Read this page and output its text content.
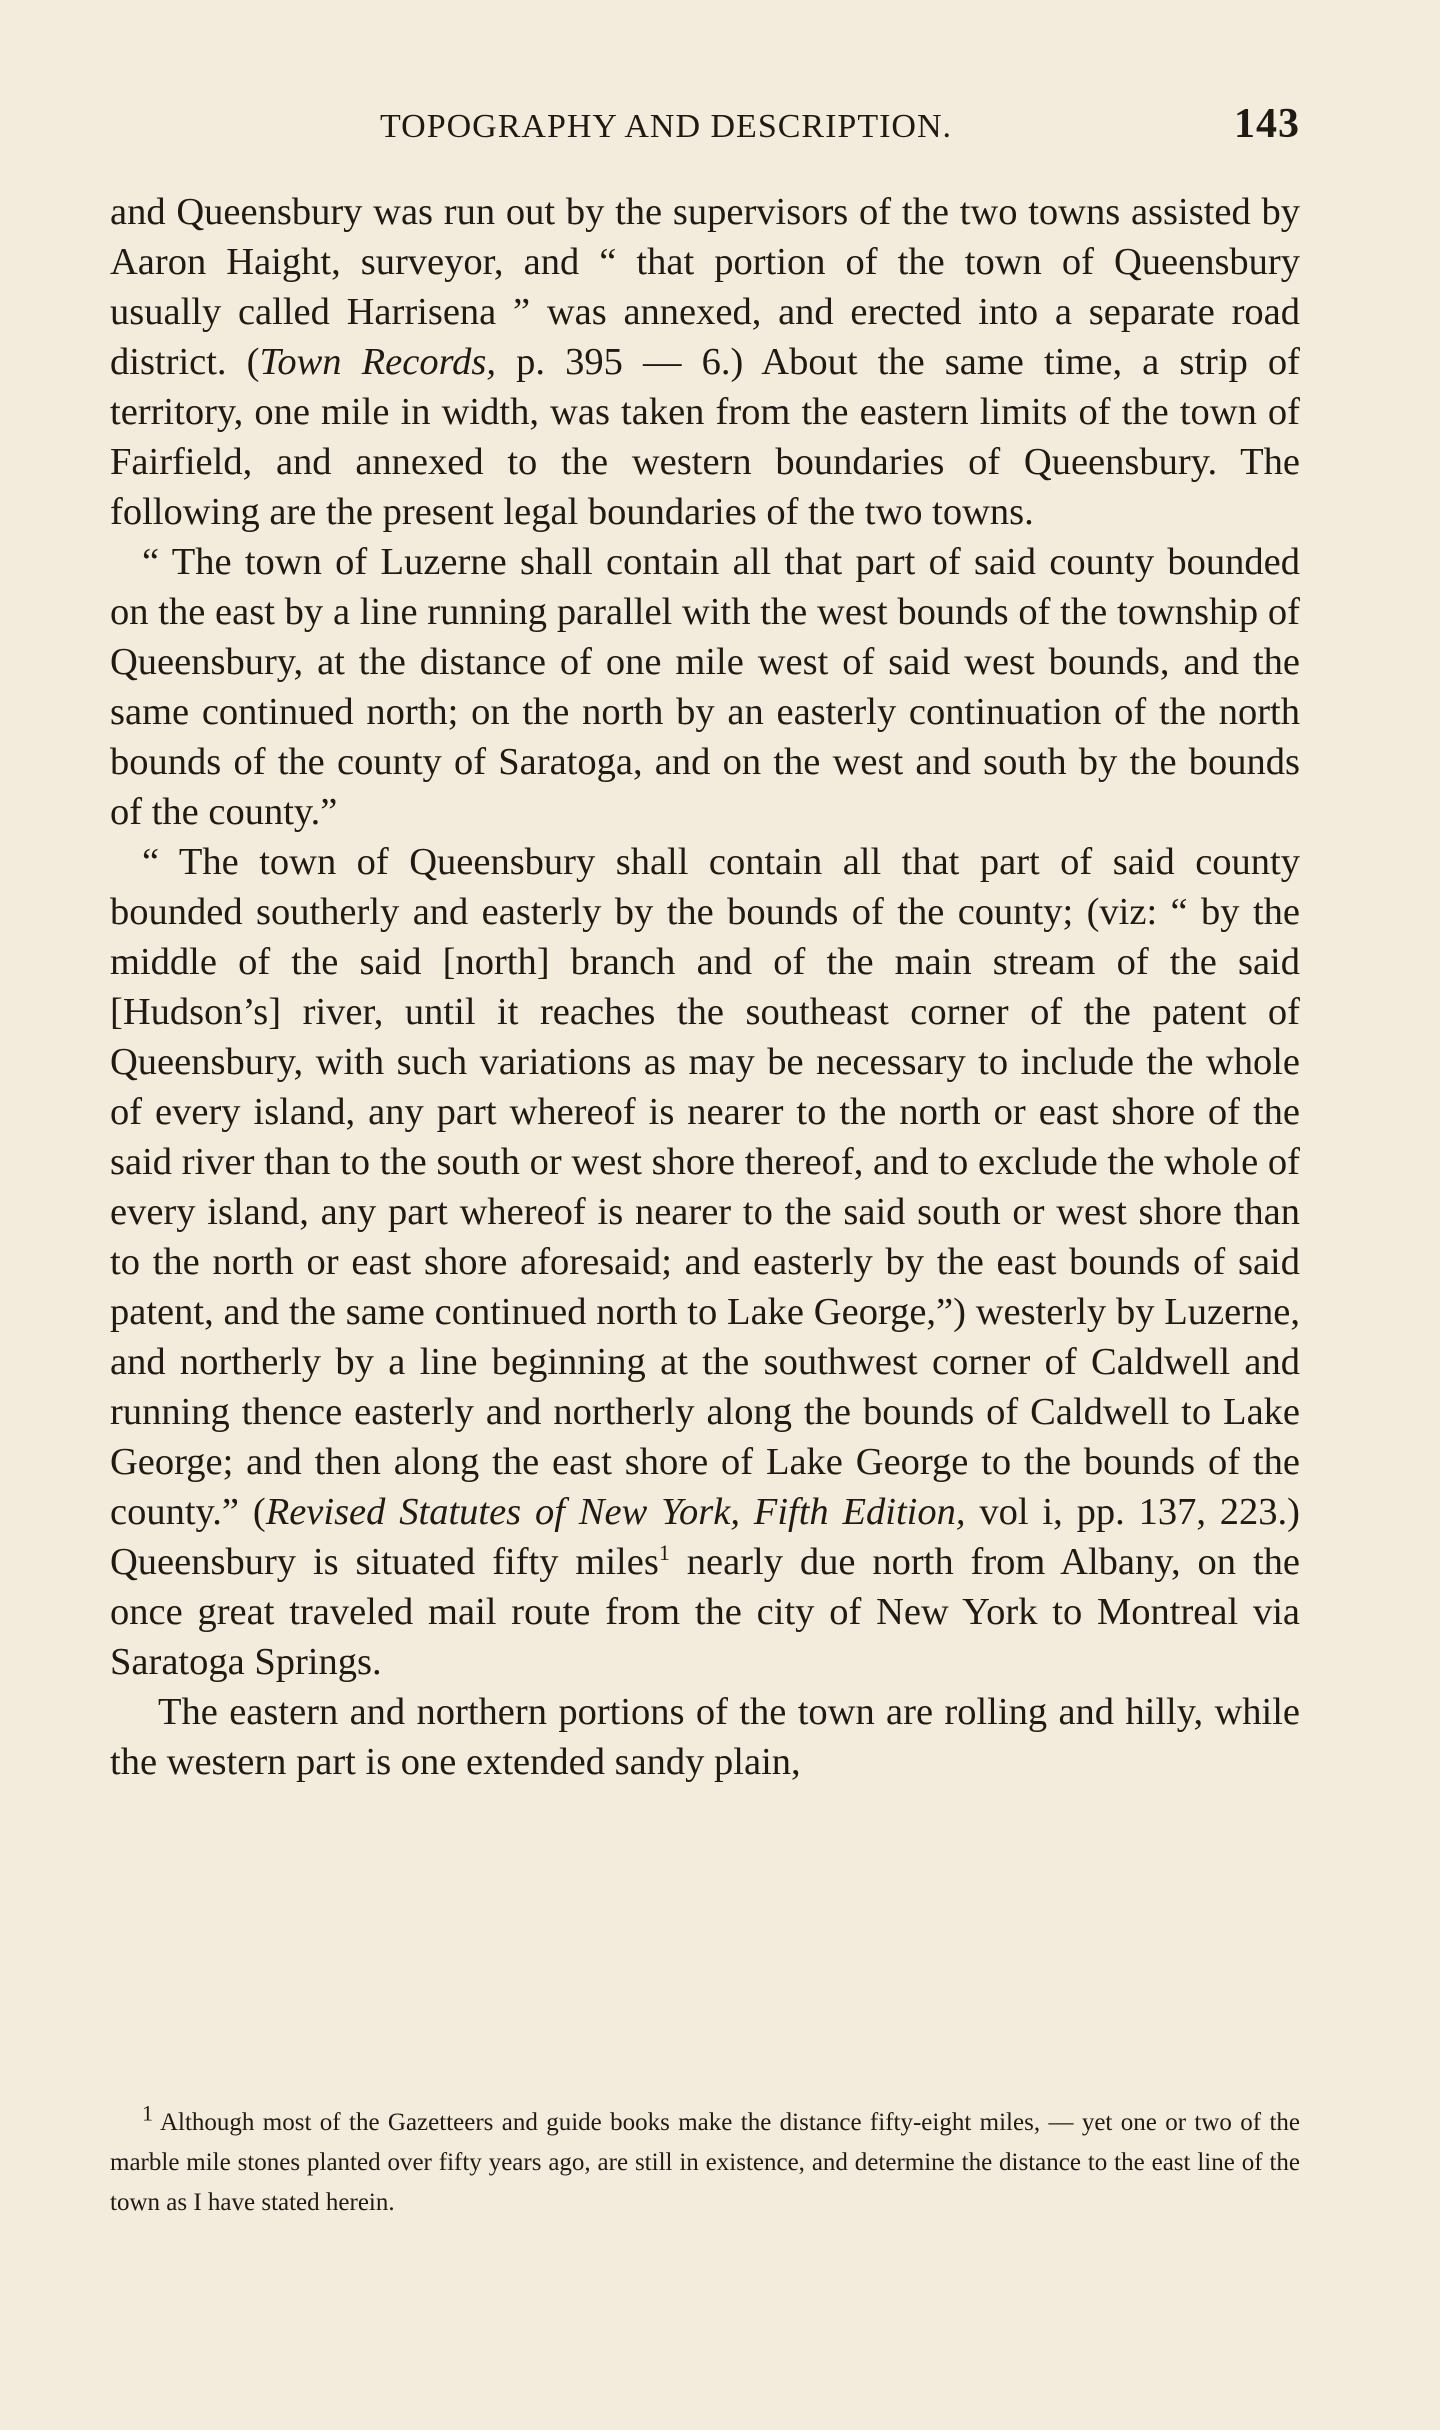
TOPOGRAPHY AND DESCRIPTION.	143

and Queensbury was run out by the supervisors of the two towns assisted by Aaron Haight, surveyor, and “ that portion of the town of Queensbury usually called Harrisena ” was annexed, and erected into a separate road district. (Town Records, p. 395 — 6.) About the same time, a strip of territory, one mile in width, was taken from the eastern limits of the town of Fairfield, and annexed to the western boundaries of Queensbury. The following are the present legal boundaries of the two towns.

“ The town of Luzerne shall contain all that part of said county bounded on the east by a line running parallel with the west bounds of the township of Queensbury, at the distance of one mile west of said west bounds, and the same continued north; on the north by an easterly continuation of the north bounds of the county of Saratoga, and on the west and south by the bounds of the county.”

“ The town of Queensbury shall contain all that part of said county bounded southerly and easterly by the bounds of the county; (viz: “ by the middle of the said [north] branch and of the main stream of the said [Hudson’s] river, until it reaches the southeast corner of the patent of Queensbury, with such variations as may be necessary to include the whole of every island, any part whereof is nearer to the north or east shore of the said river than to the south or west shore thereof, and to exclude the whole of every island, any part whereof is nearer to the said south or west shore than to the north or east shore aforesaid; and easterly by the east bounds of said patent, and the same continued north to Lake George,”) westerly by Luzerne, and northerly by a line beginning at the southwest corner of Caldwell and running thence easterly and northerly along the bounds of Caldwell to Lake George; and then along the east shore of Lake George to the bounds of the county.” (Revised Statutes of New York, Fifth Edition, vol i, pp. 137, 223.) Queensbury is situated fifty miles$^1$ nearly due north from Albany, on the once great traveled mail route from the city of New York to Montreal via Saratoga Springs.

The eastern and northern portions of the town are rolling and hilly, while the western part is one extended sandy plain,

$^1$ Although most of the Gazetteers and guide books make the distance fifty-eight miles, — yet one or two of the marble mile stones planted over fifty years ago, are still in existence, and determine the distance to the east line of the town as I have stated herein.
